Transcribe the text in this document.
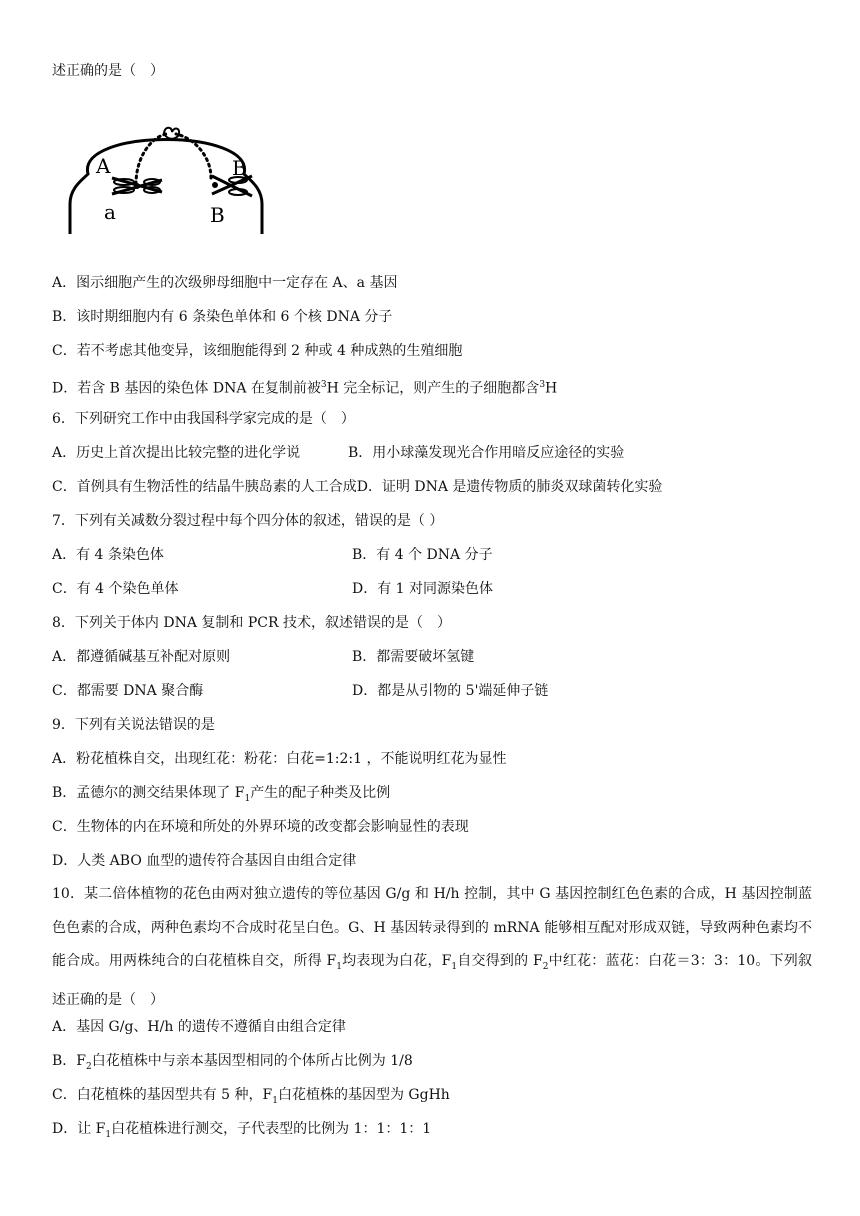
述正确的是（　）
A
a
B
B
A．图示细胞产生的次级卵母细胞中一定存在 A、a 基因
B．该时期细胞内有 6 条染色单体和 6 个核 DNA 分子
C．若不考虑其他变异，该细胞能得到 2 种或 4 种成熟的生殖细胞
D．若含 B 基因的染色体 DNA 在复制前被$^3$H 完全标记，则产生的子细胞都含$^3$H
6．下列研究工作中由我国科学家完成的是（　）
A．历史上首次提出比较完整的进化学说	B．用小球藻发现光合作用暗反应途径的实验
C．首例具有生物活性的结晶牛胰岛素的人工合成D．证明 DNA 是遗传物质的肺炎双球菌转化实验
7．下列有关减数分裂过程中每个四分体的叙述，错误的是（ ）
A．有 4 条染色体	B．有 4 个 DNA 分子
C．有 4 个染色单体	D．有 1 对同源染色体
8．下列关于体内 DNA 复制和 PCR 技术，叙述错误的是（　）
A．都遵循碱基互补配对原则	B．都需要破坏氢键
C．都需要 DNA 聚合酶	D．都是从引物的 5'端延伸子链
9．下列有关说法错误的是
A．粉花植株自交，出现红花：粉花：白花=1:2:1 ，不能说明红花为显性
B．孟德尔的测交结果体现了 $F_1$产生的配子种类及比例
C．生物体的内在环境和所处的外界环境的改变都会影响显性的表现
D．人类 ABO 血型的遗传符合基因自由组合定律
10．某二倍体植物的花色由两对独立遗传的等位基因 G/g 和 H/h 控制，其中 G 基因控制红色色素的合成，H 基因控制蓝色色素的合成，两种色素均不合成时花呈白色。G、H 基因转录得到的 mRNA 能够相互配对形成双链，导致两种色素均不能合成。用两株纯合的白花植株自交，所得 $F_1$均表现为白花，$F_1$自交得到的 $F_2$中红花：蓝花：白花＝3：3：10。下列叙述正确的是（　）
A．基因 G/g、H/h 的遗传不遵循自由组合定律
B．$F_2$白花植株中与亲本基因型相同的个体所占比例为 1/8
C．白花植株的基因型共有 5 种，$F_1$白花植株的基因型为 GgHh
D．让 $F_1$白花植株进行测交，子代表型的比例为 1：1：1：1
